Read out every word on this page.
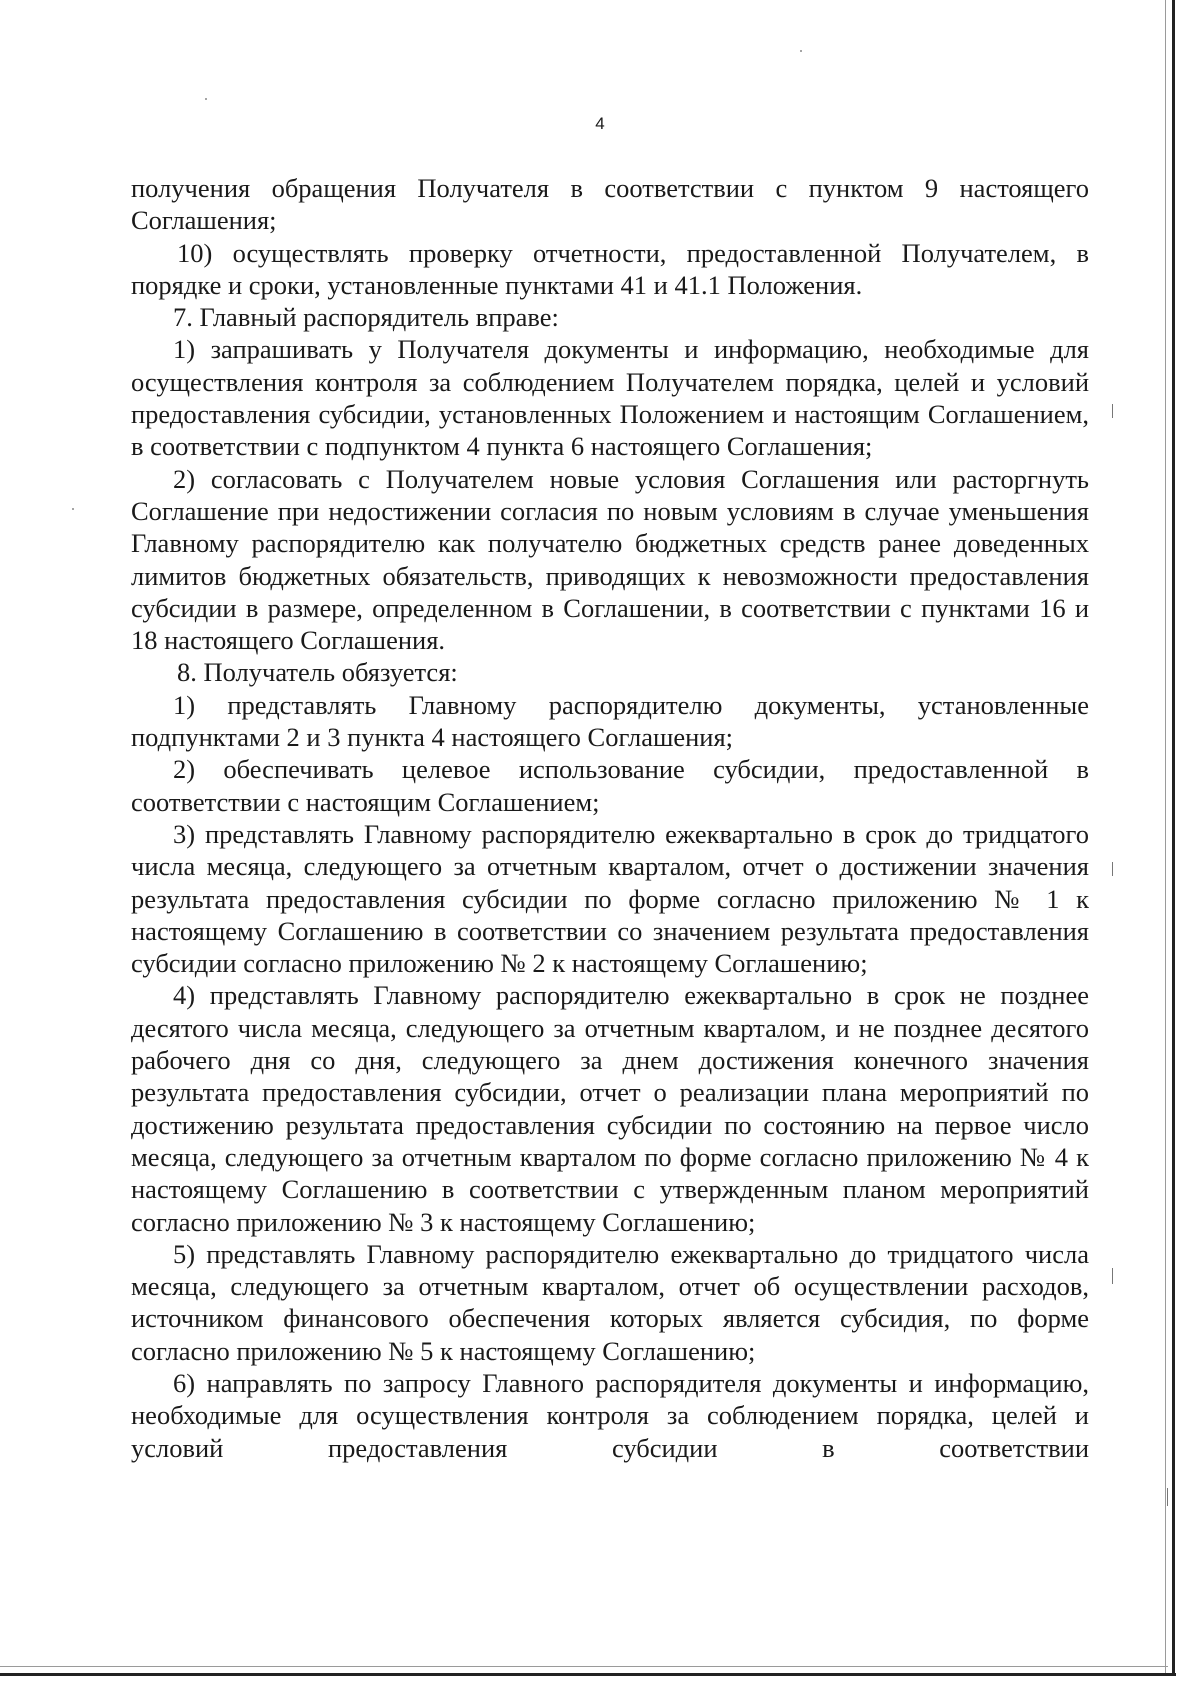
4

получения обращения Получателя в соответствии с пунктом 9 настоящего Соглашения;

10) осуществлять проверку отчетности, предоставленной Получателем, в порядке и сроки, установленные пунктами 41 и 41.1 Положения.

7. Главный распорядитель вправе:

1) запрашивать у Получателя документы и информацию, необходимые для осуществления контроля за соблюдением Получателем порядка, целей и условий предоставления субсидии, установленных Положением и настоящим Соглашением, в соответствии с подпунктом 4 пункта 6 настоящего Соглашения;

2) согласовать с Получателем новые условия Соглашения или расторгнуть Соглашение при недостижении согласия по новым условиям в случае уменьшения Главному распорядителю как получателю бюджетных средств ранее доведенных лимитов бюджетных обязательств, приводящих к невозможности предоставления субсидии в размере, определенном в Соглашении, в соответствии с пунктами 16 и 18 настоящего Соглашения.

8. Получатель обязуется:

1) представлять Главному распорядителю документы, установленные подпунктами 2 и 3 пункта 4 настоящего Соглашения;

2) обеспечивать целевое использование субсидии, предоставленной в соответствии с настоящим Соглашением;

3) представлять Главному распорядителю ежеквартально в срок до тридцатого числа месяца, следующего за отчетным кварталом, отчет о достижении значения результата предоставления субсидии по форме согласно приложению № 1 к настоящему Соглашению в соответствии со значением результата предоставления субсидии согласно приложению № 2 к настоящему Соглашению;

4) представлять Главному распорядителю ежеквартально в срок не позднее десятого числа месяца, следующего за отчетным кварталом, и не позднее десятого рабочего дня со дня, следующего за днем достижения конечного значения результата предоставления субсидии, отчет о реализации плана мероприятий по достижению результата предоставления субсидии по состоянию на первое число месяца, следующего за отчетным кварталом по форме согласно приложению № 4 к настоящему Соглашению в соответствии с утвержденным планом мероприятий согласно приложению № 3 к настоящему Соглашению;

5) представлять Главному распорядителю ежеквартально до тридцатого числа месяца, следующего за отчетным кварталом, отчет об осуществлении расходов, источником финансового обеспечения которых является субсидия, по форме согласно приложению № 5 к настоящему Соглашению;

6) направлять по запросу Главного распорядителя документы и информацию, необходимые для осуществления контроля за соблюдением порядка, целей и условий предоставления субсидии в соответствии
